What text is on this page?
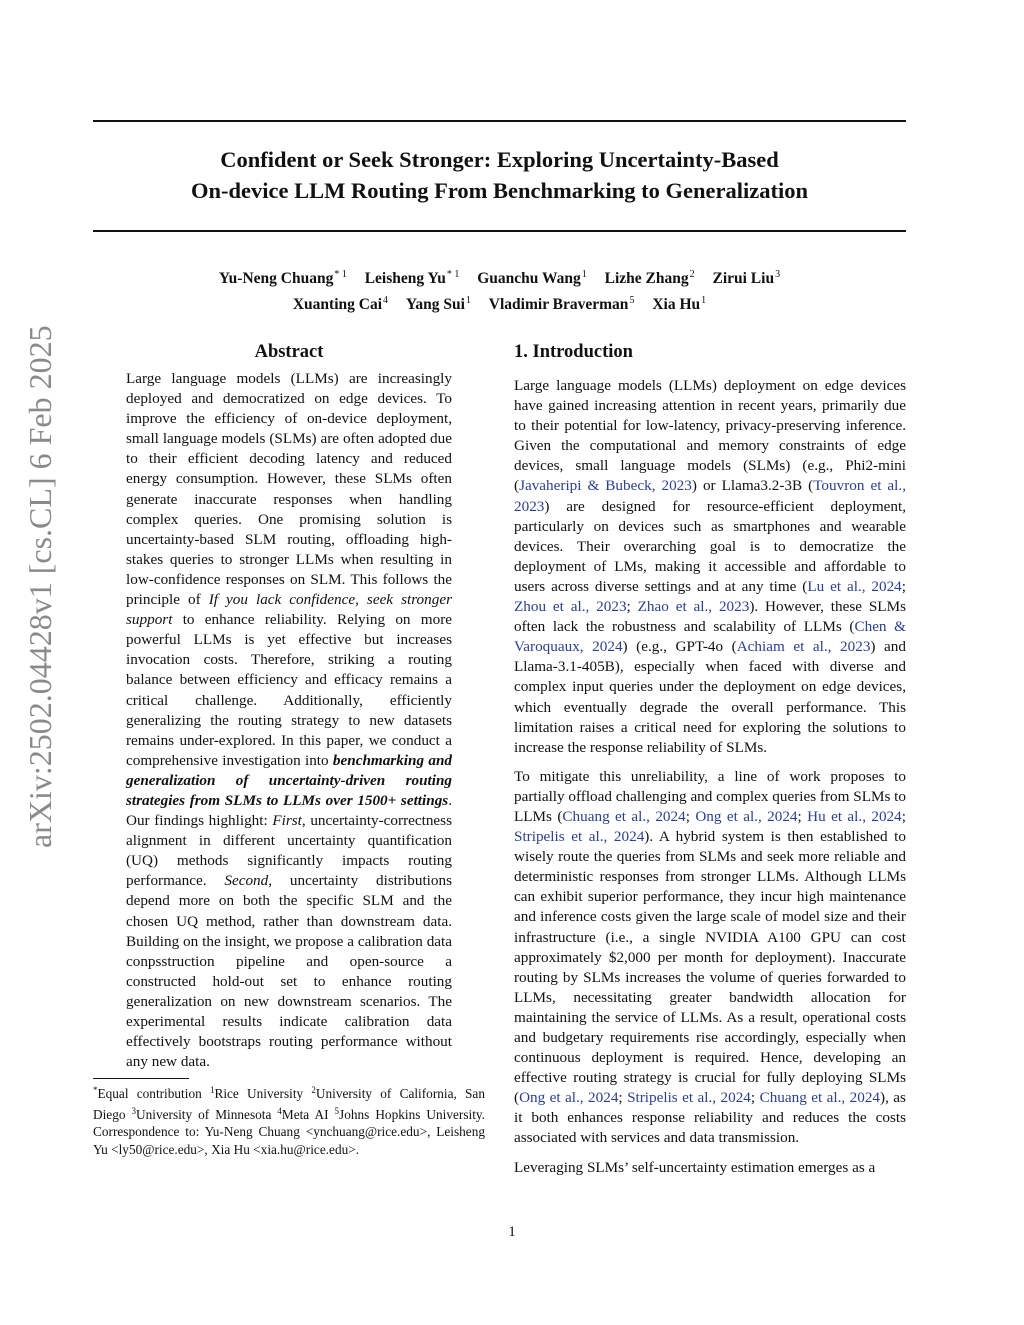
Confident or Seek Stronger: Exploring Uncertainty-Based
On-device LLM Routing From Benchmarking to Generalization
Yu-Neng Chuang$^{* 1}$ Leisheng Yu$^{* 1}$ Guanchu Wang$^1$ Lizhe Zhang$^2$ Zirui Liu$^3$
Xuanting Cai$^4$ Yang Sui$^1$ Vladimir Braverman$^5$ Xia Hu$^1$
arXiv:2502.04428v1 [cs.CL] 6 Feb 2025	Abstract
Large language models (LLMs) are increasingly deployed and democratized on edge devices. To improve the efficiency of on-device deployment, small language models (SLMs) are often adopted due to their efficient decoding latency and reduced energy consumption. However, these SLMs often generate inaccurate responses when handling complex queries. One promising solution is uncertainty-based SLM routing, offloading high-stakes queries to stronger LLMs when resulting in low-confidence responses on SLM. This follows the principle of If you lack confidence, seek stronger support to enhance reliability. Relying on more powerful LLMs is yet effective but increases invocation costs. Therefore, striking a routing balance between efficiency and efficacy remains a critical challenge. Additionally, efficiently generalizing the routing strategy to new datasets remains under-explored. In this paper, we conduct a comprehensive investigation into benchmarking and generalization of uncertainty-driven routing strategies from SLMs to LLMs over 1500+ settings. Our findings highlight: First, uncertainty-correctness alignment in different uncertainty quantification (UQ) methods significantly impacts routing performance. Second, uncertainty distributions depend more on both the specific SLM and the chosen UQ method, rather than downstream data. Building on the insight, we propose a calibration data conpsstruction pipeline and open-source a constructed hold-out set to enhance routing generalization on new downstream scenarios. The experimental results indicate calibration data effectively bootstraps routing performance without any new data.
*Equal contribution $^1$Rice University $^2$University of California, San Diego $^3$University of Minnesota $^4$Meta AI $^5$Johns Hopkins University. Correspondence to: Yu-Neng Chuang <ynchuang@rice.edu>, Leisheng Yu <ly50@rice.edu>, Xia Hu <xia.hu@rice.edu>.
1. Introduction

Large language models (LLMs) deployment on edge devices have gained increasing attention in recent years, primarily due to their potential for low-latency, privacy-preserving inference. Given the computational and memory constraints of edge devices, small language models (SLMs) (e.g., Phi2-mini (Javaheripi & Bubeck, 2023) or Llama3.2-3B (Touvron et al., 2023) are designed for resource-efficient deployment, particularly on devices such as smartphones and wearable devices. Their overarching goal is to democratize the deployment of LMs, making it accessible and affordable to users across diverse settings and at any time (Lu et al., 2024; Zhou et al., 2023; Zhao et al., 2023). However, these SLMs often lack the robustness and scalability of LLMs (Chen & Varoquaux, 2024) (e.g., GPT-4o (Achiam et al., 2023) and Llama-3.1-405B), especially when faced with diverse and complex input queries under the deployment on edge devices, which eventually degrade the overall performance. This limitation raises a critical need for exploring the solutions to increase the response reliability of SLMs.

To mitigate this unreliability, a line of work proposes to partially offload challenging and complex queries from SLMs to LLMs (Chuang et al., 2024; Ong et al., 2024; Hu et al., 2024; Stripelis et al., 2024). A hybrid system is then established to wisely route the queries from SLMs and seek more reliable and deterministic responses from stronger LLMs. Although LLMs can exhibit superior performance, they incur high maintenance and inference costs given the large scale of model size and their infrastructure (i.e., a single NVIDIA A100 GPU can cost approximately $2,000 per month for deployment). Inaccurate routing by SLMs increases the volume of queries forwarded to LLMs, necessitating greater bandwidth allocation for maintaining the service of LLMs. As a result, operational costs and budgetary requirements rise accordingly, especially when continuous deployment is required. Hence, developing an effective routing strategy is crucial for fully deploying SLMs (Ong et al., 2024; Stripelis et al., 2024; Chuang et al., 2024), as it both enhances response reliability and reduces the costs associated with services and data transmission.

Leveraging SLMs’ self-uncertainty estimation emerges as a

1
